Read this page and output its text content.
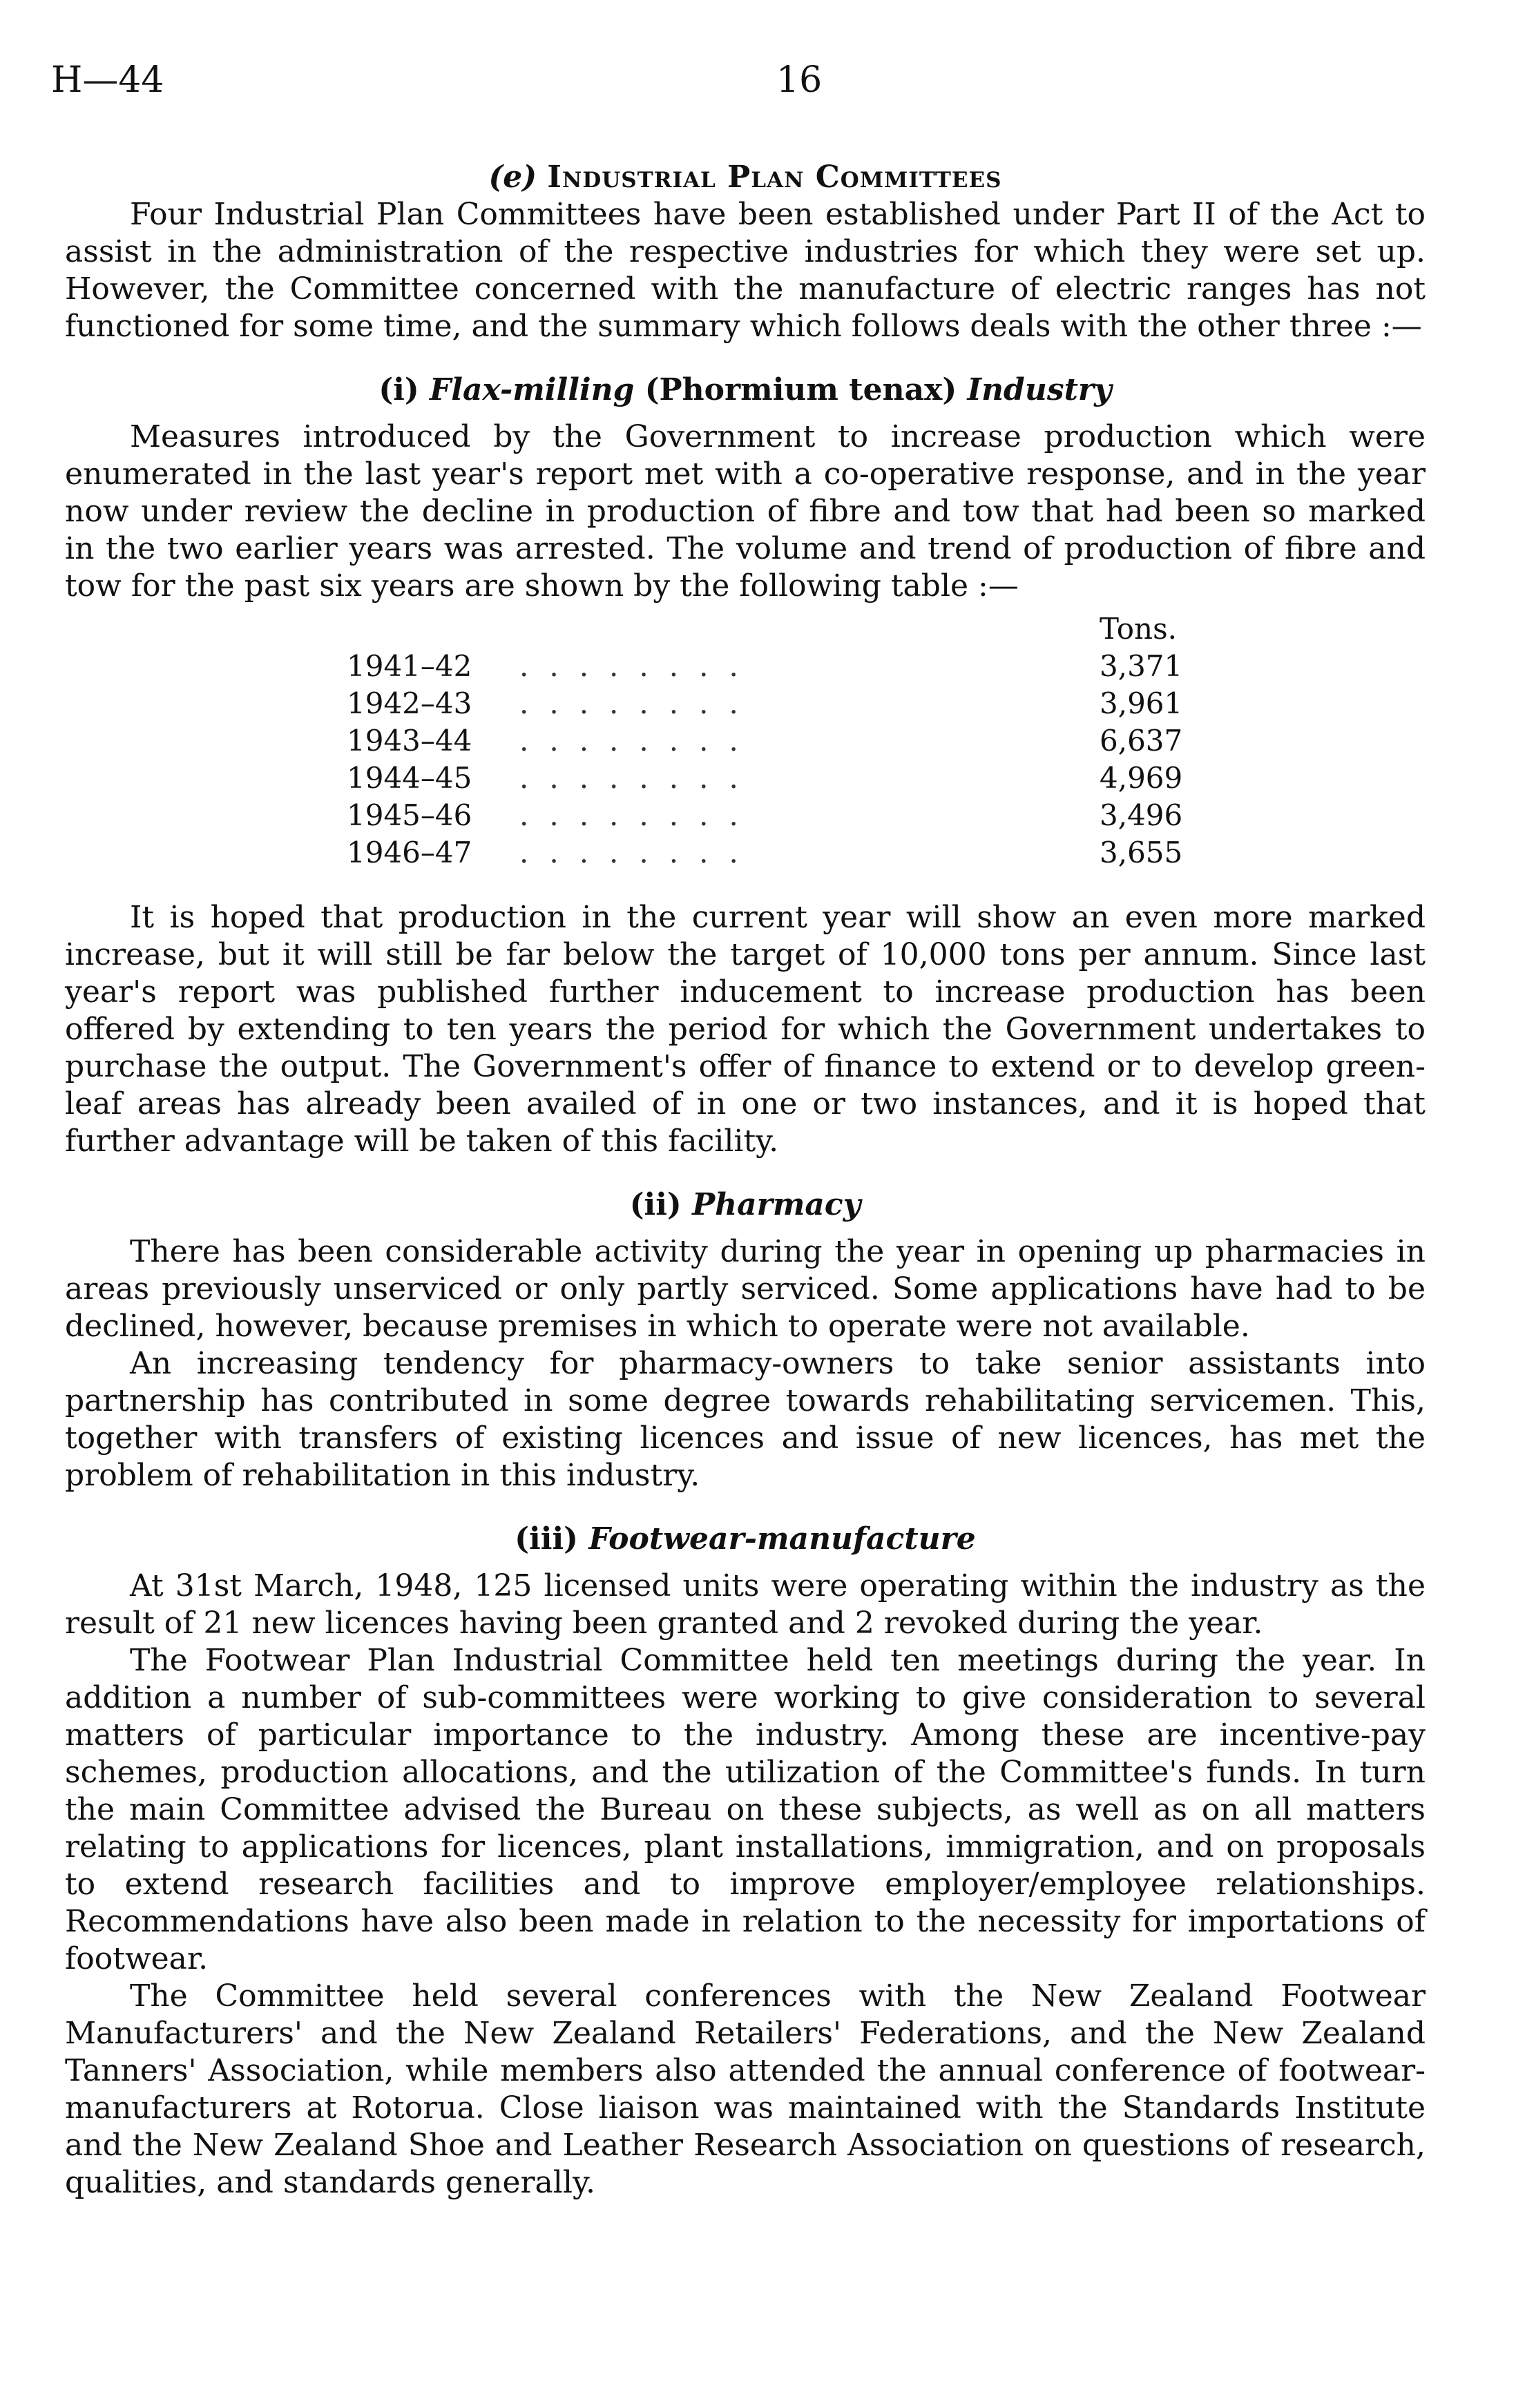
H—44	16
(e) Industrial Plan Committees

Four Industrial Plan Committees have been established under Part II of the Act to assist in the administration of the respective industries for which they were set up. However, the Committee concerned with the manufacture of electric ranges has not functioned for some time, and the summary which follows deals with the other three :—

(i) Flax-milling (Phormium tenax) Industry

Measures introduced by the Government to increase production which were enumerated in the last year's report met with a co-operative response, and in the year now under review the decline in production of fibre and tow that had been so marked in the two earlier years was arrested. The volume and trend of production of fibre and tow for the past six years are shown by the following table :—

Tons.
1941–42	........	3,371
1942–43	........	3,961
1943–44	........	6,637
1944–45	........	4,969
1945–46	........	3,496
1946–47	........	3,655

It is hoped that production in the current year will show an even more marked increase, but it will still be far below the target of 10,000 tons per annum. Since last year's report was published further inducement to increase production has been offered by extending to ten years the period for which the Government undertakes to purchase the output. The Government's offer of finance to extend or to develop green-leaf areas has already been availed of in one or two instances, and it is hoped that further advantage will be taken of this facility.

(ii) Pharmacy

There has been considerable activity during the year in opening up pharmacies in areas previously unserviced or only partly serviced. Some applications have had to be declined, however, because premises in which to operate were not available.

An increasing tendency for pharmacy-owners to take senior assistants into partnership has contributed in some degree towards rehabilitating servicemen. This, together with transfers of existing licences and issue of new licences, has met the problem of rehabilitation in this industry.

(iii) Footwear-manufacture

At 31st March, 1948, 125 licensed units were operating within the industry as the result of 21 new licences having been granted and 2 revoked during the year.

The Footwear Plan Industrial Committee held ten meetings during the year. In addition a number of sub-committees were working to give consideration to several matters of particular importance to the industry. Among these are incentive-pay schemes, production allocations, and the utilization of the Committee's funds. In turn the main Committee advised the Bureau on these subjects, as well as on all matters relating to applications for licences, plant installations, immigration, and on proposals to extend research facilities and to improve employer/employee relationships. Recommendations have also been made in relation to the necessity for importations of footwear.

The Committee held several conferences with the New Zealand Footwear Manufacturers' and the New Zealand Retailers' Federations, and the New Zealand Tanners' Association, while members also attended the annual conference of footwear-manufacturers at Rotorua. Close liaison was maintained with the Standards Institute and the New Zealand Shoe and Leather Research Association on questions of research, qualities, and standards generally.
